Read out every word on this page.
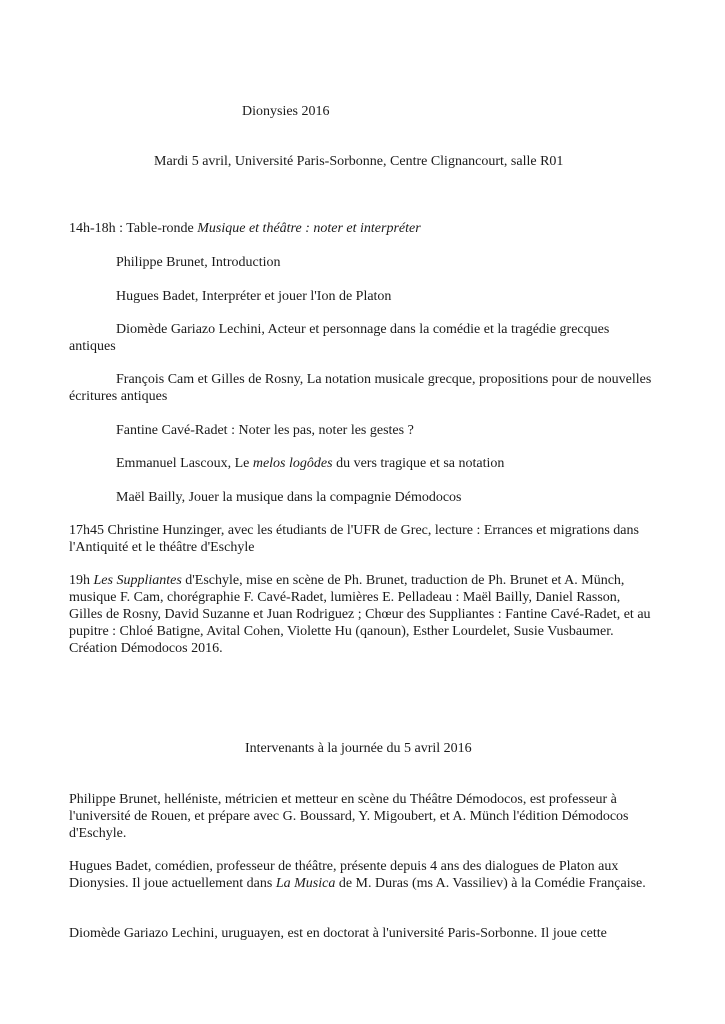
Dionysies 2016
Mardi 5 avril, Université Paris-Sorbonne, Centre Clignancourt, salle R01
14h-18h : Table-ronde Musique et théâtre : noter et interpréter
Philippe Brunet, Introduction
Hugues Badet, Interpréter et jouer l'Ion de Platon
Diomède Gariazo Lechini, Acteur et personnage dans la comédie et la tragédie grecques antiques
François Cam et Gilles de Rosny, La notation musicale grecque, propositions pour de nouvelles écritures antiques
Fantine Cavé-Radet : Noter les pas, noter les gestes ?
Emmanuel Lascoux, Le melos logôdes du vers tragique et sa notation
Maël Bailly, Jouer la musique dans la compagnie Démodocos
17h45 Christine Hunzinger, avec les étudiants de l'UFR de Grec, lecture : Errances et migrations dans l'Antiquité et le théâtre d'Eschyle
19h Les Suppliantes d'Eschyle, mise en scène de Ph. Brunet, traduction de Ph. Brunet et A. Münch, musique F. Cam, chorégraphie F. Cavé-Radet, lumières E. Pelladeau : Maël Bailly, Daniel Rasson, Gilles de Rosny, David Suzanne et Juan Rodriguez ; Chœur des Suppliantes : Fantine Cavé-Radet, et au pupitre : Chloé Batigne, Avital Cohen, Violette Hu (qanoun), Esther Lourdelet, Susie Vusbaumer.
Création Démodocos 2016.
Intervenants à la journée du 5 avril 2016
Philippe Brunet, helléniste, métricien et metteur en scène du Théâtre Démodocos, est professeur à l'université de Rouen, et prépare avec G. Boussard, Y. Migoubert, et A. Münch l'édition Démodocos d'Eschyle.
Hugues Badet, comédien, professeur de théâtre, présente depuis 4 ans des dialogues de Platon aux Dionysies. Il joue actuellement dans La Musica de M. Duras (ms A. Vassiliev) à la Comédie Française.
Diomède Gariazo Lechini, uruguayen, est en doctorat à l'université Paris-Sorbonne. Il joue cette
